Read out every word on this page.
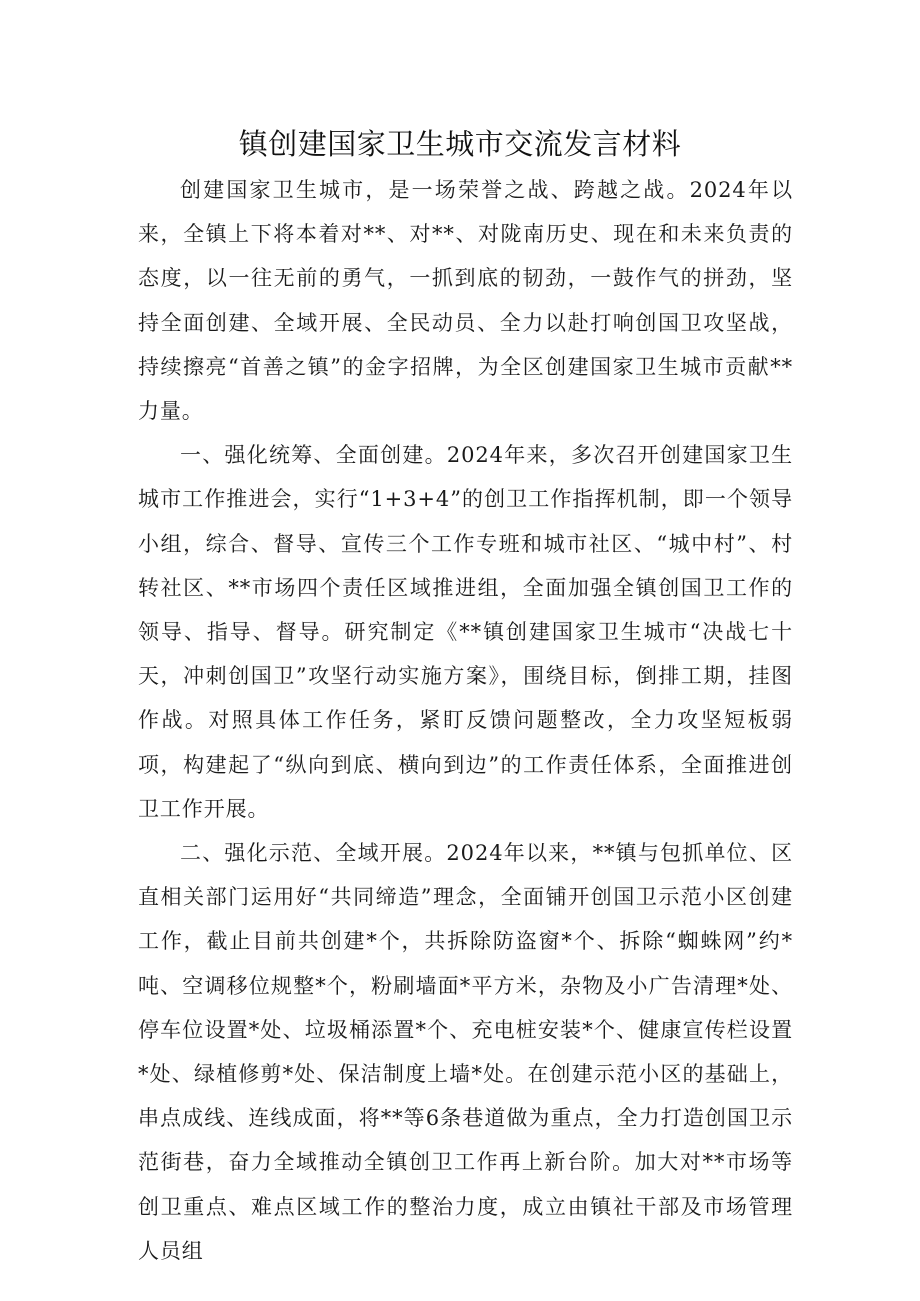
镇创建国家卫生城市交流发言材料

创建国家卫生城市，是一场荣誉之战、跨越之战。2024年以来，全镇上下将本着对**、对**、对陇南历史、现在和未来负责的态度，以一往无前的勇气，一抓到底的韧劲，一鼓作气的拼劲，坚持全面创建、全域开展、全民动员、全力以赴打响创国卫攻坚战，持续擦亮“首善之镇”的金字招牌，为全区创建国家卫生城市贡献**力量。

一、强化统筹、全面创建。2024年来，多次召开创建国家卫生城市工作推进会，实行“1+3+4”的创卫工作指挥机制，即一个领导小组，综合、督导、宣传三个工作专班和城市社区、“城中村”、村转社区、**市场四个责任区域推进组，全面加强全镇创国卫工作的领导、指导、督导。研究制定《**镇创建国家卫生城市“决战七十天，冲刺创国卫”攻坚行动实施方案》，围绕目标，倒排工期，挂图作战。对照具体工作任务，紧盯反馈问题整改，全力攻坚短板弱项，构建起了“纵向到底、横向到边”的工作责任体系，全面推进创卫工作开展。

二、强化示范、全域开展。2024年以来，**镇与包抓单位、区直相关部门运用好“共同缔造”理念，全面铺开创国卫示范小区创建工作，截止目前共创建*个，共拆除防盗窗*个、拆除“蜘蛛网”约*吨、空调移位规整*个，粉刷墙面*平方米，杂物及小广告清理*处、停车位设置*处、垃圾桶添置*个、充电桩安装*个、健康宣传栏设置*处、绿植修剪*处、保洁制度上墙*处。在创建示范小区的基础上，串点成线、连线成面，将**等6条巷道做为重点，全力打造创国卫示范街巷，奋力全域推动全镇创卫工作再上新台阶。加大对**市场等创卫重点、难点区域工作的整治力度，成立由镇社干部及市场管理人员组
